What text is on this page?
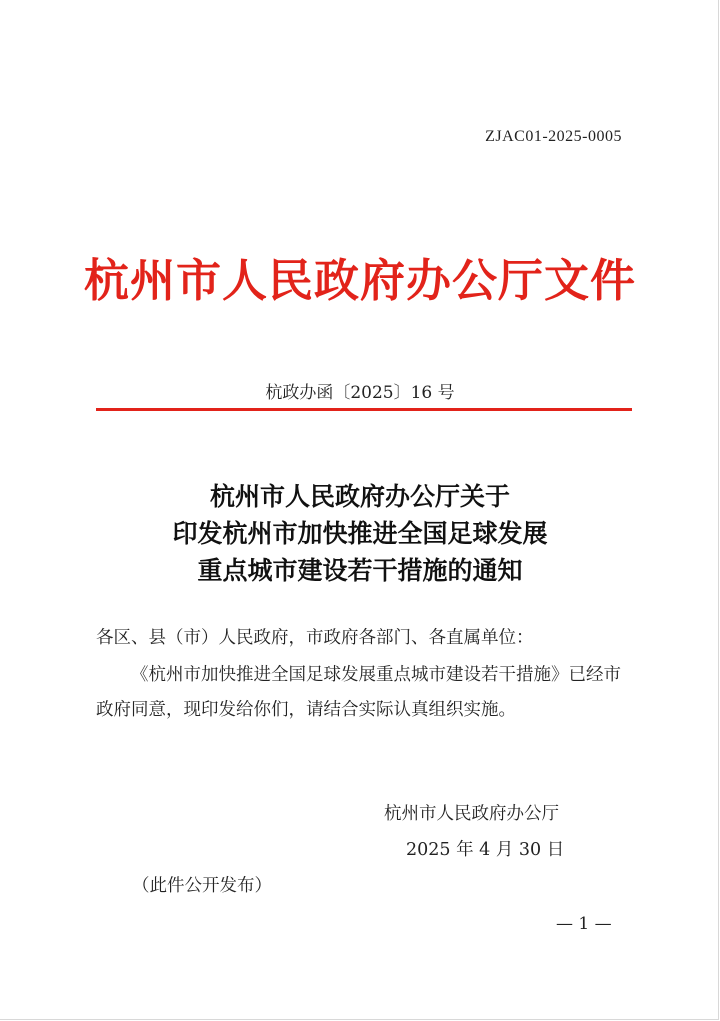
ZJAC01-2025-0005
杭州市人民政府办公厅文件
杭政办函〔2025〕16 号
杭州市人民政府办公厅关于
印发杭州市加快推进全国足球发展
重点城市建设若干措施的通知
各区、县（市）人民政府，市政府各部门、各直属单位：
《杭州市加快推进全国足球发展重点城市建设若干措施》已经市政府同意，现印发给你们，请结合实际认真组织实施。
杭州市人民政府办公厅
2025 年 4 月 30 日
（此件公开发布）
— 1 —
